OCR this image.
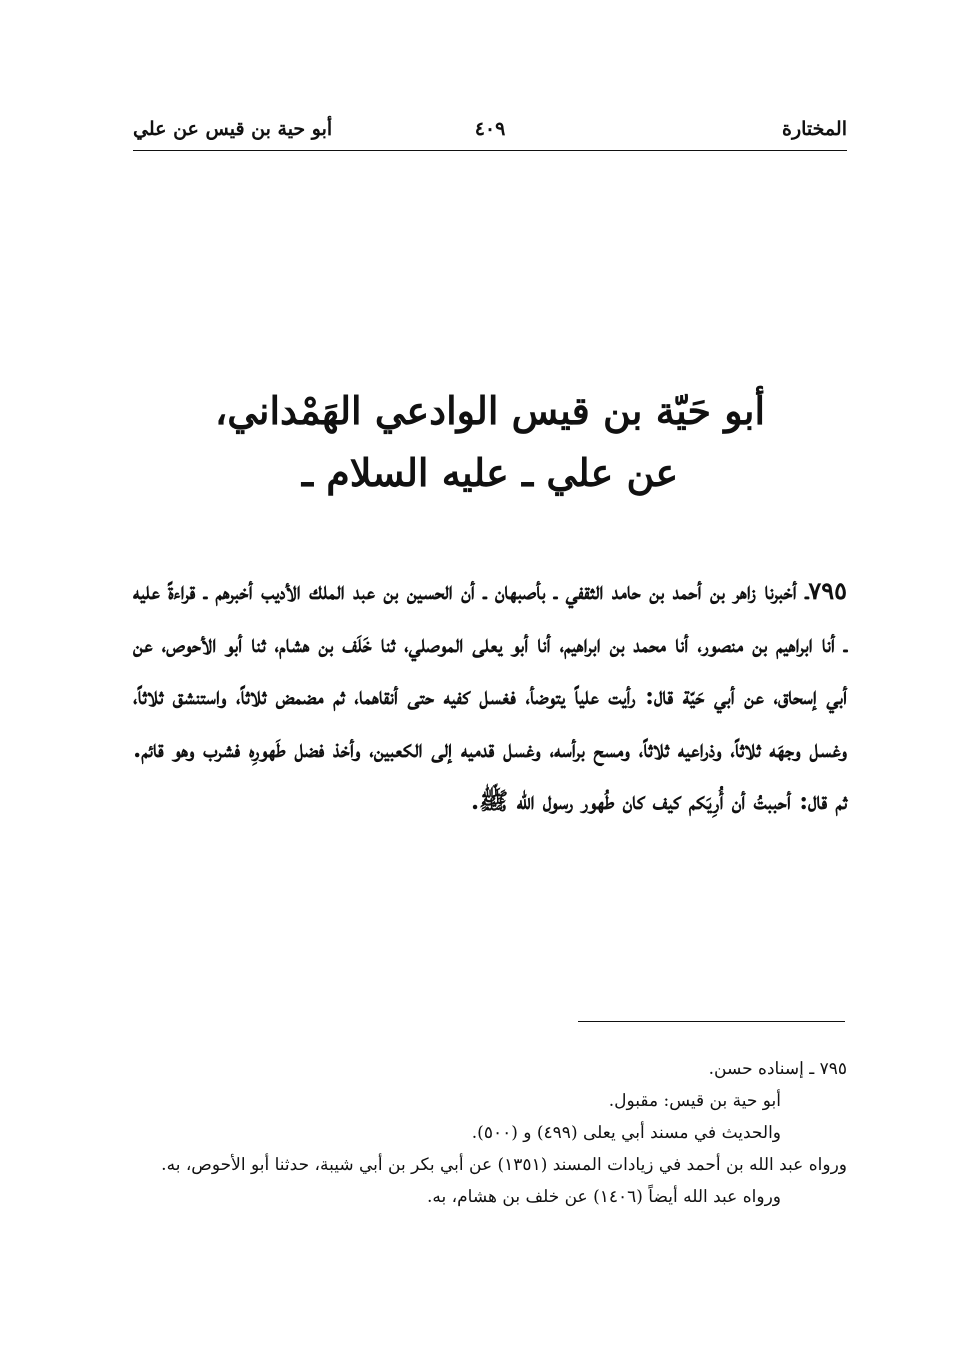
المختارة
٤٠٩
أبو حية بن قيس عن علي
أبو حَيّة بن قيس الوادعي الهَمْداني،
عن علي ـ عليه السلام ـ
٧٩٥ـ أخبرنا زاهر بن أحمد بن حامد الثقفي ـ بأصبهان ـ أن الحسين بن عبد الملك الأديب أخبرهم ـ قراءةً عليه ـ أنا ابراهيم بن منصور، أنا محمد بن ابراهيم، أنا أبو يعلى الموصلي، ثنا خَلَف بن هشام، ثنا أبو الأحوص، عن أبي إسحاق، عن أبي حَيّة قال: رأيت علياً يتوضأ، فغسل كفيه حتى أنقاهما، ثم مضمض ثلاثاً، واستنشق ثلاثاً، وغسل وجهَه ثلاثاً، وذراعيه ثلاثاً، ومسح برأسه، وغسل قدميه إلى الكعبين، وأخذ فضل طَهورِه فشرب وهو قائم. ثم قال: أحببتُ أن أُرِيَكم كيف كان طُهور رسول الله ﷺ.
٧٩٥ ـ إسناده حسن.
أبو حية بن قيس: مقبول.
والحديث في مسند أبي يعلى (٤٩٩) و (٥٠٠).
ورواه عبد الله بن أحمد في زيادات المسند (١٣٥١) عن أبي بكر بن أبي شيبة، حدثنا أبو الأحوص، به.
ورواه عبد الله أيضاً (١٤٠٦) عن خلف بن هشام، به.
